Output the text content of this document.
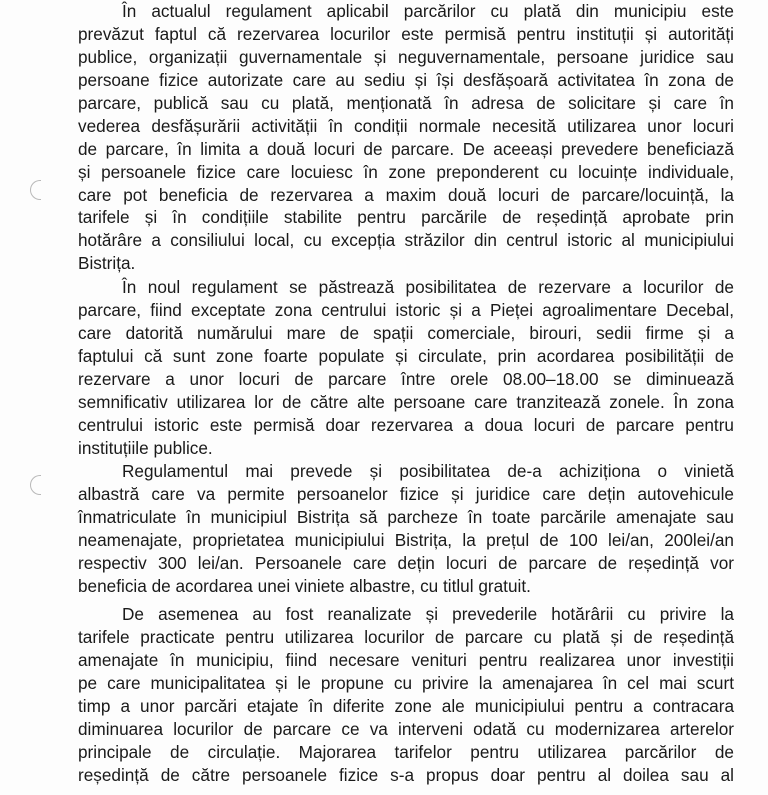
În actualul regulament aplicabil parcărilor cu plată din municipiu este
prevăzut faptul că rezervarea locurilor este permisă pentru instituții și autorități
publice, organizații guvernamentale și neguvernamentale, persoane juridice sau
persoane fizice autorizate care au sediu și își desfășoară activitatea în zona de
parcare, publică sau cu plată, menționată în adresa de solicitare și care în
vederea desfășurării activității în condiții normale necesită utilizarea unor locuri
de parcare, în limita a două locuri de parcare. De aceeași prevedere beneficiază
și persoanele fizice care locuiesc în zone preponderent cu locuințe individuale,
care pot beneficia de rezervarea a maxim două locuri de parcare/locuință, la
tarifele și în condițiile stabilite pentru parcările de reședință aprobate prin
hotărâre a consiliului local, cu excepția străzilor din centrul istoric al municipiului
Bistrița.
În noul regulament se păstrează posibilitatea de rezervare a locurilor de
parcare, fiind exceptate zona centrului istoric și a Pieței agroalimentare Decebal,
care datorită numărului mare de spații comerciale, birouri, sedii firme și a
faptului că sunt zone foarte populate și circulate, prin acordarea posibilității de
rezervare a unor locuri de parcare între orele 08.00–18.00 se diminuează
semnificativ utilizarea lor de către alte persoane care tranzitează zonele. În zona
centrului istoric este permisă doar rezervarea a doua locuri de parcare pentru
instituțiile publice.
Regulamentul mai prevede și posibilitatea de-a achiziționa o vinietă
albastră care va permite persoanelor fizice și juridice care dețin autovehicule
înmatriculate în municipiul Bistrița să parcheze în toate parcările amenajate sau
neamenajate, proprietatea municipiului Bistrița, la prețul de 100 lei/an, 200lei/an
respectiv 300 lei/an. Persoanele care dețin locuri de parcare de reședință vor
beneficia de acordarea unei viniete albastre, cu titlul gratuit.
De asemenea au fost reanalizate și prevederile hotărârii cu privire la
tarifele practicate pentru utilizarea locurilor de parcare cu plată și de reședință
amenajate în municipiu, fiind necesare venituri pentru realizarea unor investiții
pe care municipalitatea și le propune cu privire la amenajarea în cel mai scurt
timp a unor parcări etajate în diferite zone ale municipiului pentru a contracara
diminuarea locurilor de parcare ce va interveni odată cu modernizarea arterelor
principale de circulație. Majorarea tarifelor pentru utilizarea parcărilor de
reședință de către persoanele fizice s-a propus doar pentru al doilea sau al
